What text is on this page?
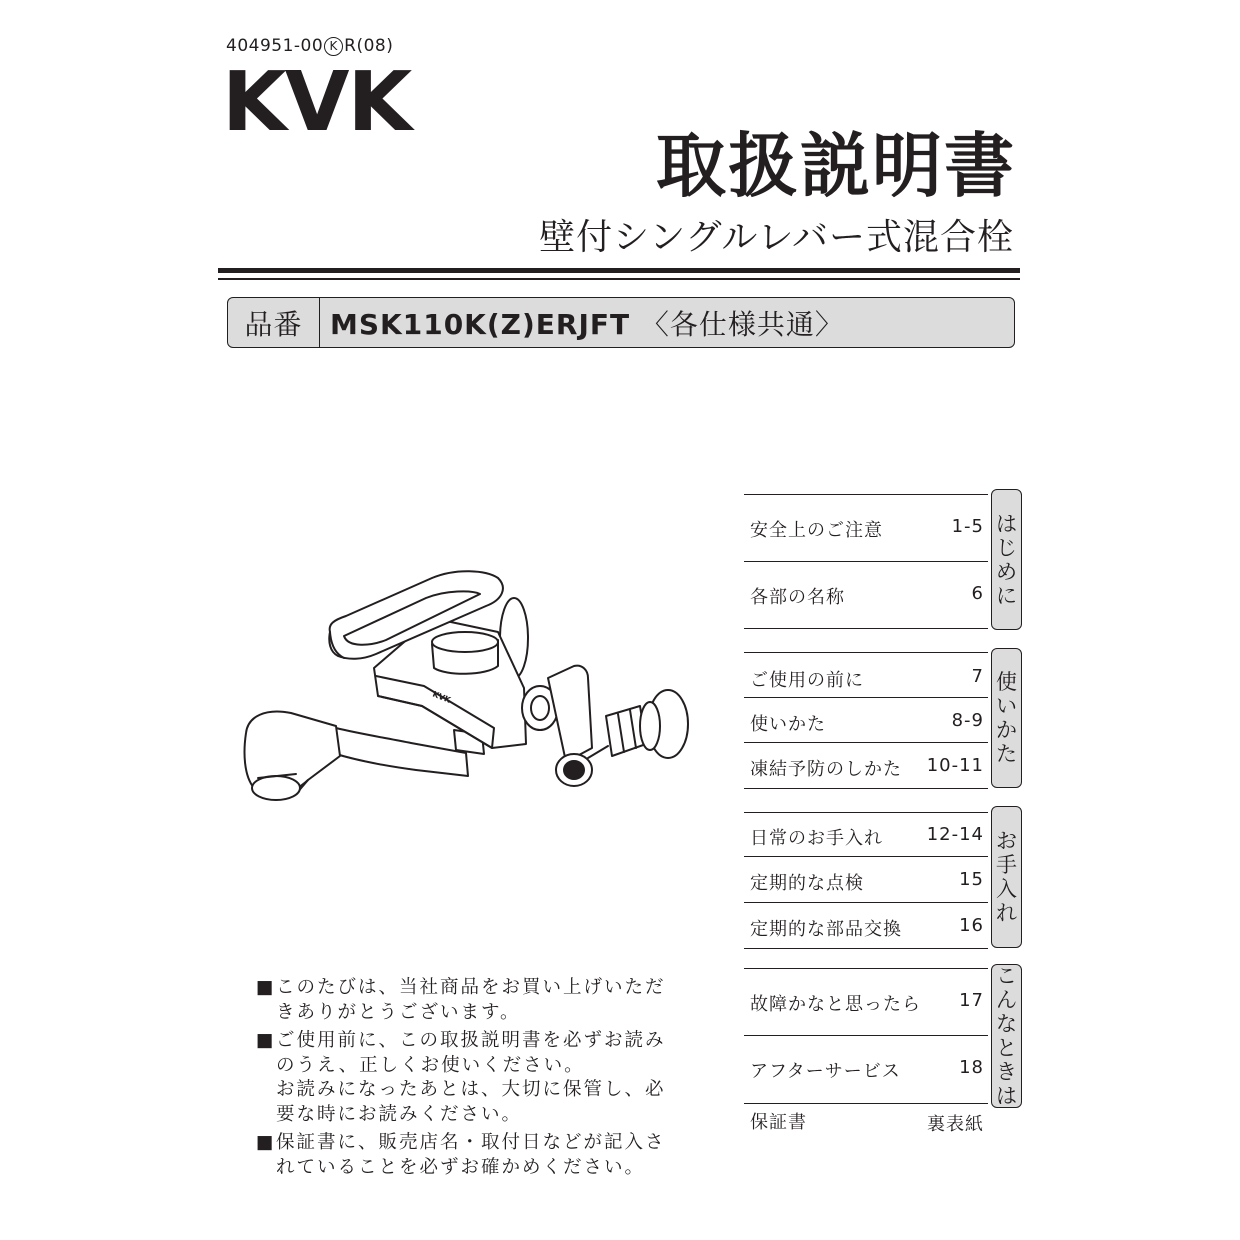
404951-00 K R(08)
KVK
取扱説明書
壁付シングルレバー式混合栓
品番 MSK110K(Z)ERJFT 〈各仕様共通〉
KVK
■ このたびは、当社商品をお買い上げいただきありがとうございます。
■ ご使用前に、この取扱説明書を必ずお読みのうえ、正しくお使いください。
お読みになったあとは、大切に保管し、必要な時にお読みください。
■ 保証書に、販売店名・取付日などが記入されていることを必ずお確かめください。
安全上のご注意	1-5
各部の名称	6
はじめに
ご使用の前に	7
使いかた	8-9
凍結予防のしかた 10-11
使いかた
日常のお手入れ 12-14
定期的な点検	15
定期的な部品交換	16
お手入れ
故障かなと思ったら 17
アフターサービス	18
保証書	裏表紙
こんなときは
